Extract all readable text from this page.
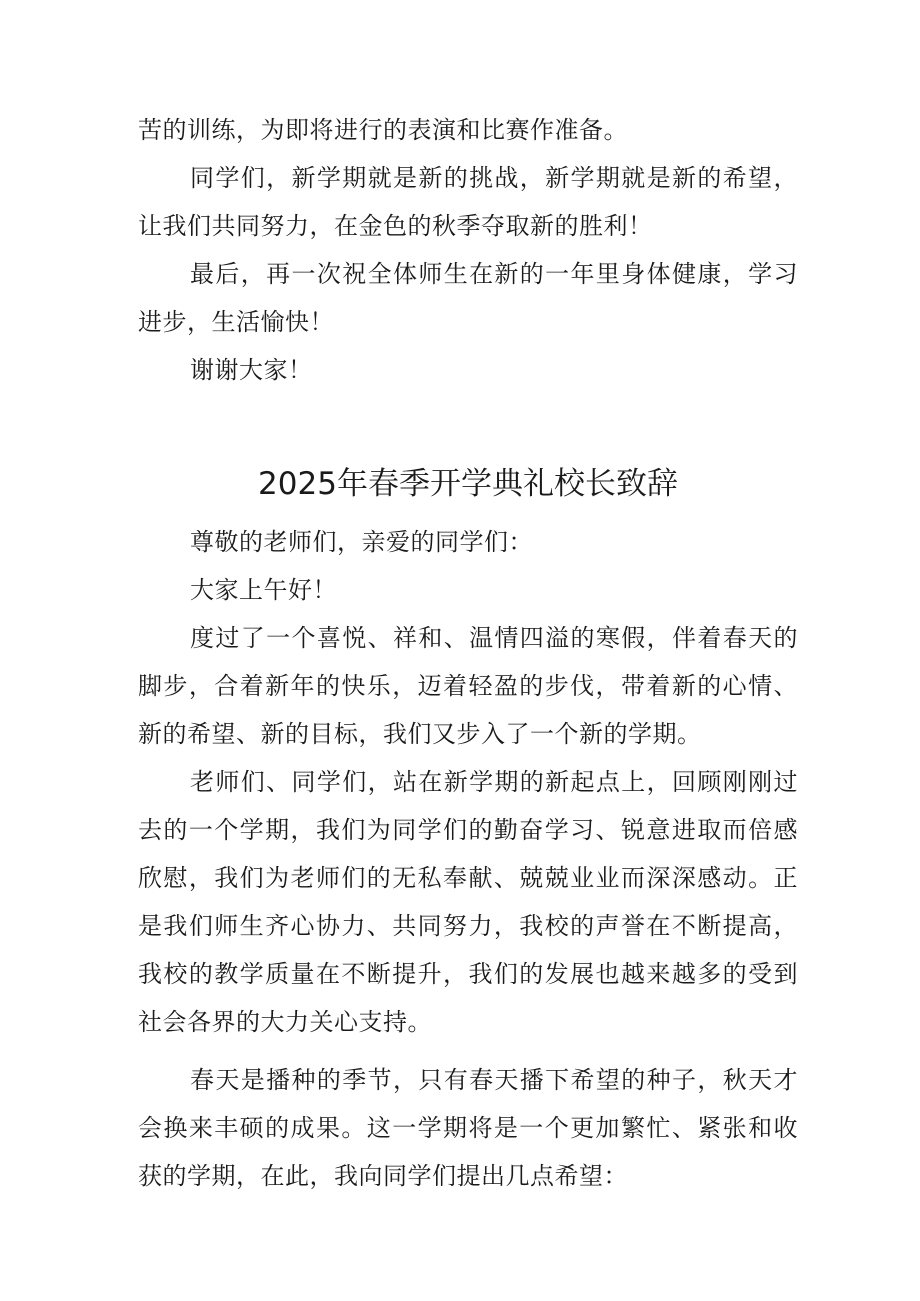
苦的训练，为即将进行的表演和比赛作准备。

同学们，新学期就是新的挑战，新学期就是新的希望，让我们共同努力，在金色的秋季夺取新的胜利！

最后，再一次祝全体师生在新的一年里身体健康，学习进步，生活愉快！

谢谢大家！

2025年春季开学典礼校长致辞

尊敬的老师们，亲爱的同学们：

大家上午好！

度过了一个喜悦、祥和、温情四溢的寒假，伴着春天的脚步，合着新年的快乐，迈着轻盈的步伐，带着新的心情、新的希望、新的目标，我们又步入了一个新的学期。

老师们、同学们，站在新学期的新起点上，回顾刚刚过去的一个学期，我们为同学们的勤奋学习、锐意进取而倍感欣慰，我们为老师们的无私奉献、兢兢业业而深深感动。正是我们师生齐心协力、共同努力，我校的声誉在不断提高，我校的教学质量在不断提升，我们的发展也越来越多的受到社会各界的大力关心支持。

春天是播种的季节，只有春天播下希望的种子，秋天才会换来丰硕的成果。这一学期将是一个更加繁忙、紧张和收获的学期，在此，我向同学们提出几点希望：
